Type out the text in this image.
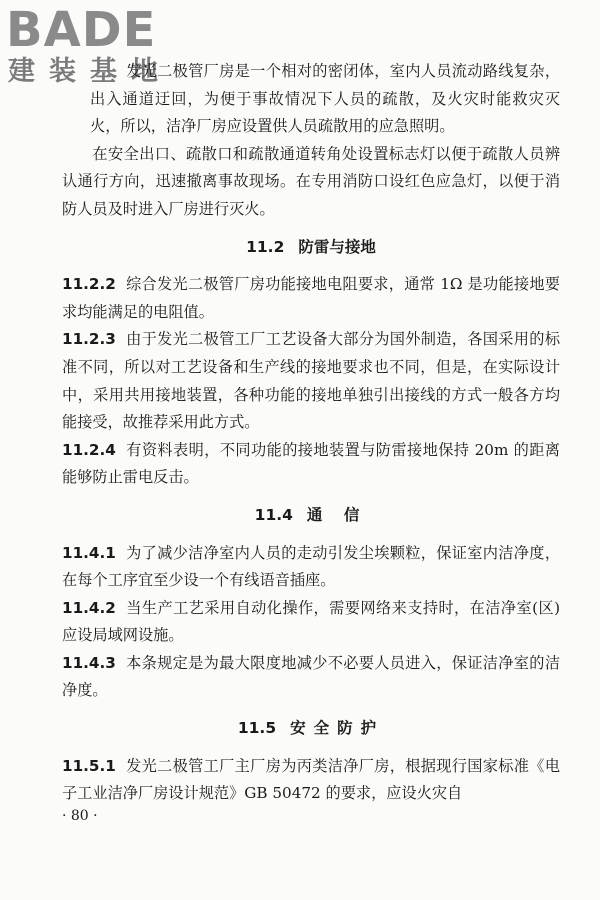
BADE
建装基地

发光二极管厂房是一个相对的密闭体，室内人员流动路线复杂，出入通道迂回，为便于事故情况下人员的疏散，及火灾时能救灾灭火，所以，洁净厂房应设置供人员疏散用的应急照明。

在安全出口、疏散口和疏散通道转角处设置标志灯以便于疏散人员辨认通行方向，迅速撤离事故现场。在专用消防口设红色应急灯，以便于消防人员及时进入厂房进行灭火。

11.2 防雷与接地

11.2.2 综合发光二极管厂房功能接地电阻要求，通常 1Ω 是功能接地要求均能满足的电阻值。

11.2.3 由于发光二极管工厂工艺设备大部分为国外制造，各国采用的标准不同，所以对工艺设备和生产线的接地要求也不同，但是，在实际设计中，采用共用接地装置，各种功能的接地单独引出接线的方式一般各方均能接受，故推荐采用此方式。

11.2.4 有资料表明，不同功能的接地装置与防雷接地保持 20m 的距离能够防止雷电反击。

11.4 通 信

11.4.1 为了减少洁净室内人员的走动引发尘埃颗粒，保证室内洁净度，在每个工序宜至少设一个有线语音插座。

11.4.2 当生产工艺采用自动化操作，需要网络来支持时，在洁净室(区)应设局域网设施。

11.4.3 本条规定是为最大限度地减少不必要人员进入，保证洁净室的洁净度。

11.5 安全防护

11.5.1 发光二极管工厂主厂房为丙类洁净厂房，根据现行国家标准《电子工业洁净厂房设计规范》GB 50472 的要求，应设火灾自

· 80 ·
